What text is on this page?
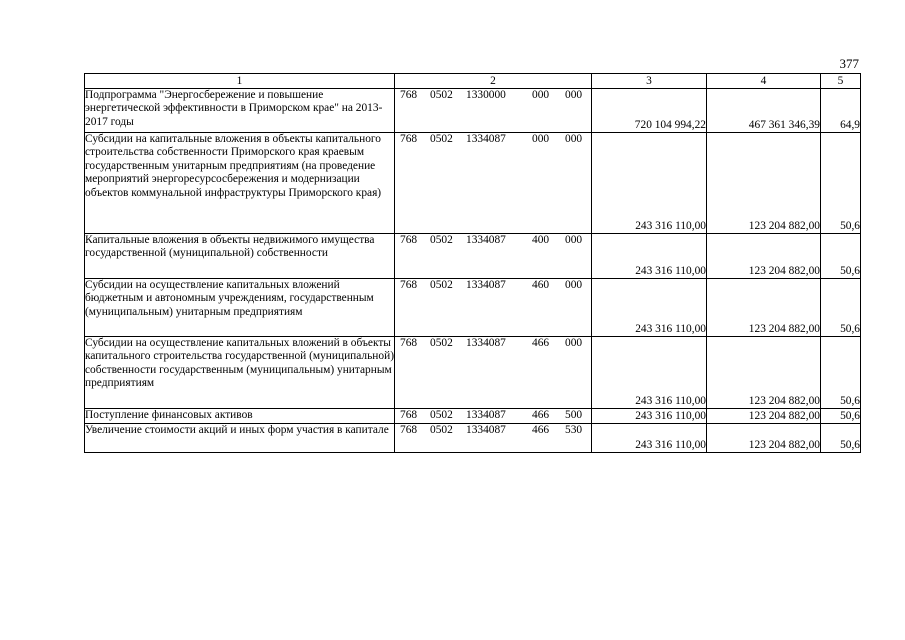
377
1	2	3	4	5
Подпрограмма "Энергосбережение и повышение энергетической эффективности в Приморском крае" на 2013-2017 годы	768 0502 1330000 000 000	720 104 994,22	467 361 346,39	64,9
Субсидии на капитальные вложения в объекты капитального строительства собственности Приморского края краевым государственным унитарным предприятиям (на проведение мероприятий энергоресурсосбережения и модернизации объектов коммунальной инфраструктуры Приморского края)	768 0502 1334087 000 000	243 316 110,00	123 204 882,00	50,6
Капитальные вложения в объекты недвижимого имущества государственной (муниципальной) собственности	768 0502 1334087 400 000	243 316 110,00	123 204 882,00	50,6
Субсидии на осуществление капитальных вложений бюджетным и автономным учреждениям, государственным (муниципальным) унитарным предприятиям	768 0502 1334087 460 000	243 316 110,00	123 204 882,00	50,6
Субсидии на осуществление капитальных вложений в объекты капитального строительства государственной (муниципальной) собственности государственным (муниципальным) унитарным предприятиям	768 0502 1334087 466 000	243 316 110,00	123 204 882,00	50,6
Поступление финансовых активов	768 0502 1334087 466 500	243 316 110,00	123 204 882,00	50,6
Увеличение стоимости акций и иных форм участия в капитале	768 0502 1334087 466 530	243 316 110,00	123 204 882,00	50,6
